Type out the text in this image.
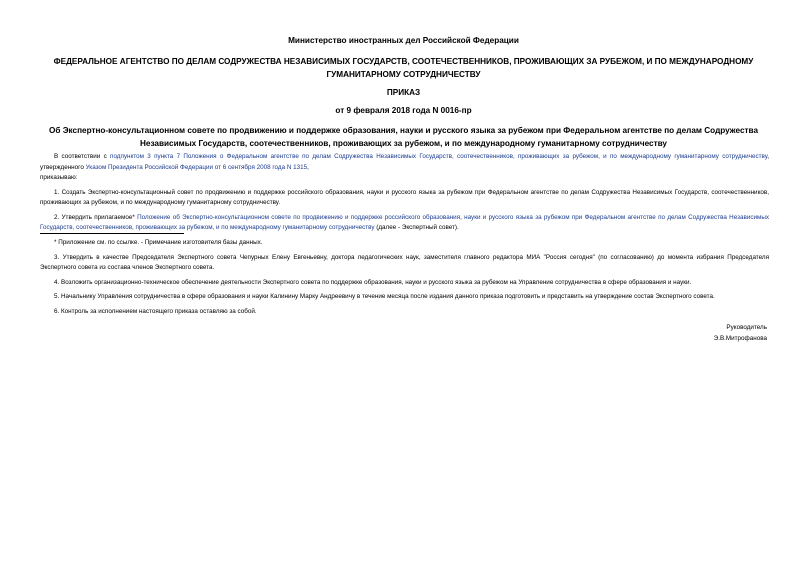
Министерство иностранных дел Российской Федерации
ФЕДЕРАЛЬНОЕ АГЕНТСТВО ПО ДЕЛАМ СОДРУЖЕСТВА НЕЗАВИСИМЫХ ГОСУДАРСТВ, СООТЕЧЕСТВЕННИКОВ, ПРОЖИВАЮЩИХ ЗА РУБЕЖОМ, И ПО МЕЖДУНАРОДНОМУ ГУМАНИТАРНОМУ СОТРУДНИЧЕСТВУ
ПРИКАЗ
от 9 февраля 2018 года N 0016-пр
Об Экспертно-консультационном совете по продвижению и поддержке образования, науки и русского языка за рубежом при Федеральном агентстве по делам Содружества Независимых Государств, соотечественников, проживающих за рубежом, и по международному гуманитарному сотрудничеству

В соответствии с подпунктом 3 пункта 7 Положения о Федеральном агентстве по делам Содружества Независимых Государств, соотечественников, проживающих за рубежом, и по международному гуманитарному сотрудничеству, утвержденного Указом Президента Российской Федерации от 6 сентября 2008 года N 1315,

приказываю:

1. Создать Экспертно-консультационный совет по продвижению и поддержке российского образования, науки и русского языка за рубежом при Федеральном агентстве по делам Содружества Независимых Государств, соотечественников, проживающих за рубежом, и по международному гуманитарному сотрудничеству.

2. Утвердить прилагаемое* Положение об Экспертно-консультационном совете по продвижению и поддержке российского образования, науки и русского языка за рубежом при Федеральном агентстве по делам Содружества Независимых Государств, соотечественников, проживающих за рубежом, и по международному гуманитарному сотрудничеству (далее - Экспертный совет).

* Приложение см. по ссылке. - Примечание изготовителя базы данных.

3. Утвердить в качестве Председателя Экспертного совета Чепурных Елену Евгеньевну, доктора педагогических наук, заместителя главного редактора МИА "Россия сегодня" (по согласованию) до момента избрания Председателя Экспертного совета из состава членов Экспертного совета.

4. Возложить организационно-техническое обеспечение деятельности Экспертного совета по поддержке образования, науки и русского языка за рубежом на Управление сотрудничества в сфере образования и науки.

5. Начальнику Управления сотрудничества в сфере образования и науки Калинину Марку Андреевичу в течение месяца после издания данного приказа подготовить и представить на утверждение состав Экспертного совета.

6. Контроль за исполнением настоящего приказа оставляю за собой.

Руководитель
Э.В.Митрофанова
